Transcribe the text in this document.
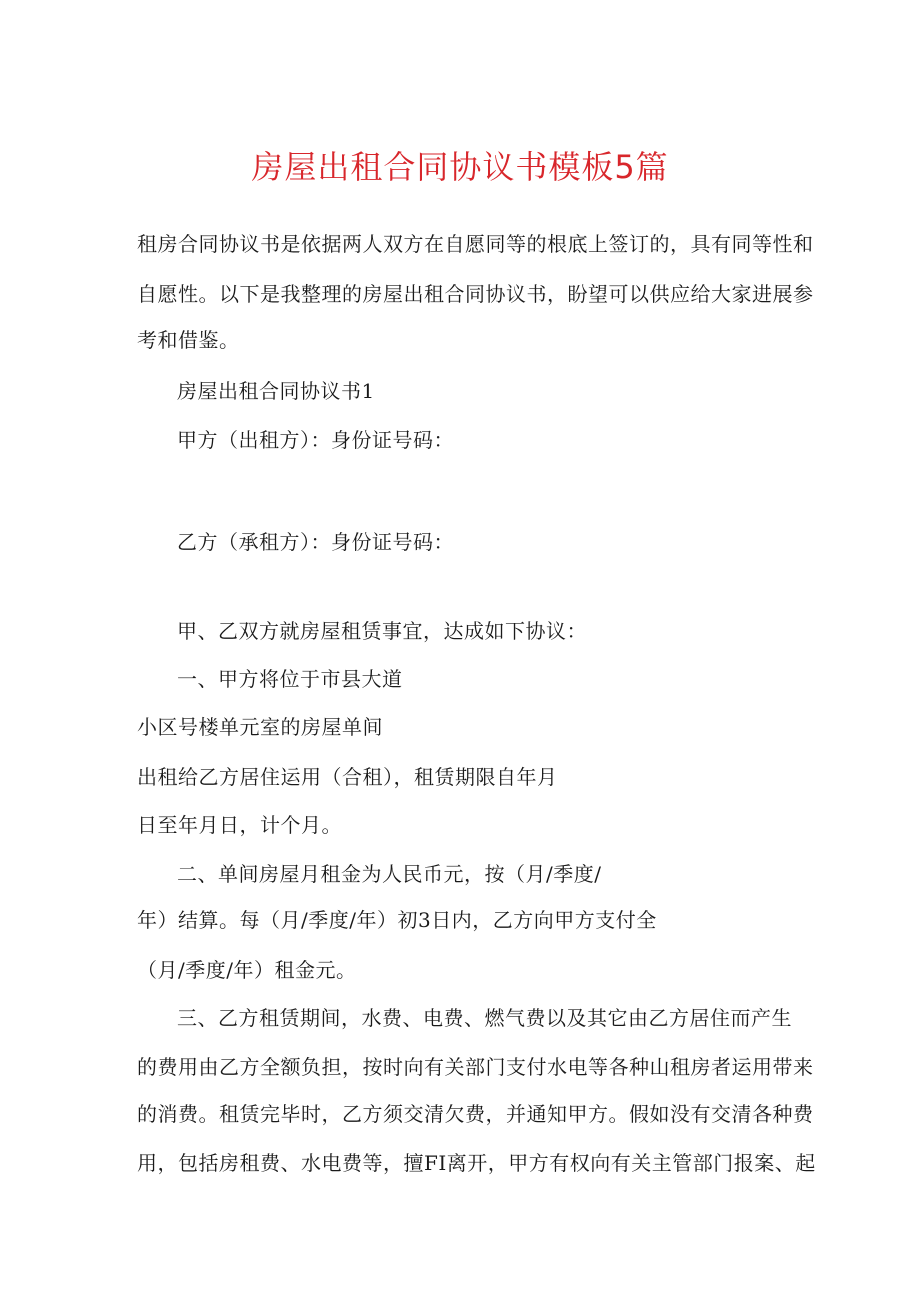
房屋出租合同协议书模板5篇
租房合同协议书是依据两人双方在自愿同等的根底上签订的，具有同等性和
自愿性。以下是我整理的房屋出租合同协议书，盼望可以供应给大家进展参
考和借鉴。
房屋出租合同协议书1
甲方（出租方）：身份证号码：
乙方（承租方）：身份证号码：
甲、乙双方就房屋租赁事宜，达成如下协议：
一、甲方将位于市县大道
小区号楼单元室的房屋单间
出租给乙方居住运用（合租），租赁期限自年月
日至年月日，计个月。
二、单间房屋月租金为人民币元，按（月/季度/
年）结算。每（月/季度/年）初3日内，乙方向甲方支付全
（月/季度/年）租金元。
三、乙方租赁期间，水费、电费、燃气费以及其它由乙方居住而产生
的费用由乙方全额负担，按时向有关部门支付水电等各种山租房者运用带来
的消费。租赁完毕时，乙方须交清欠费，并通知甲方。假如没有交清各种费
用，包括房租费、水电费等，擅FI离开，甲方有权向有关主管部门报案、起
